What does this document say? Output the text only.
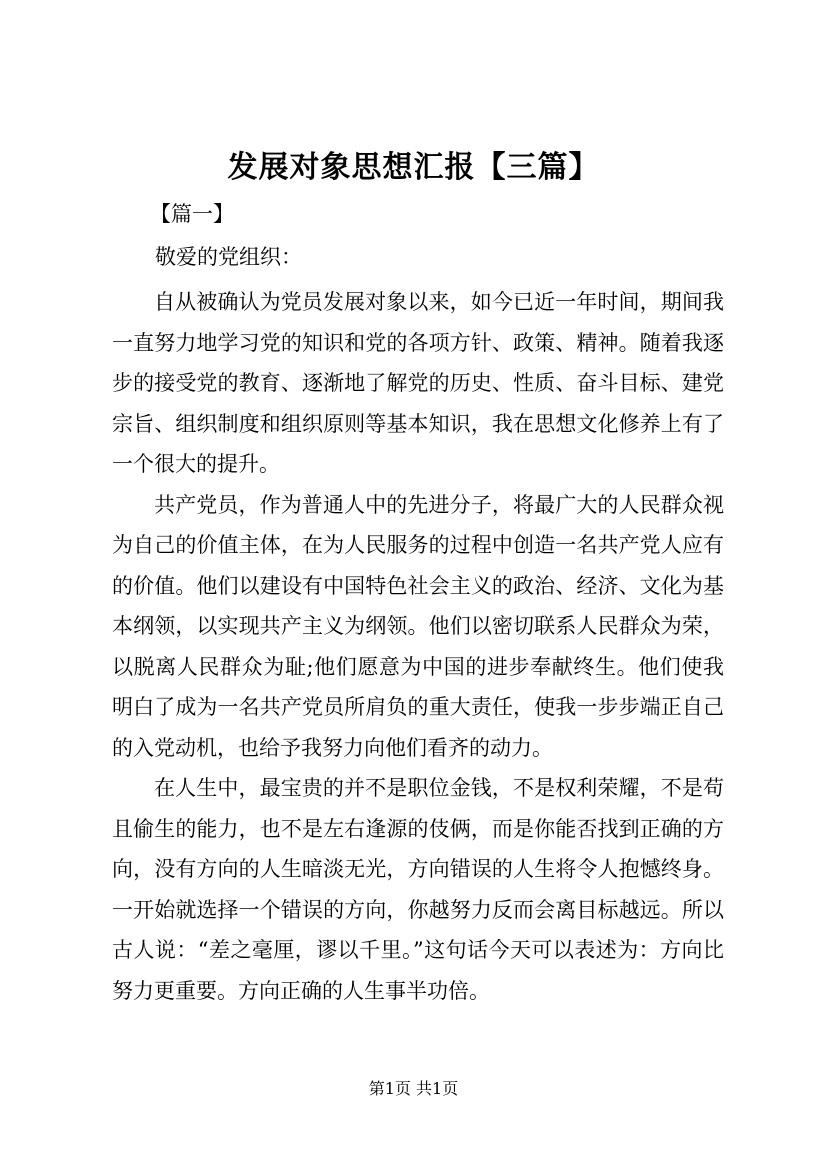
发展对象思想汇报【三篇】
【篇一】
敬爱的党组织：

自从被确认为党员发展对象以来，如今已近一年时间，期间我一直努力地学习党的知识和党的各项方针、政策、精神。随着我逐步的接受党的教育、逐渐地了解党的历史、性质、奋斗目标、建党宗旨、组织制度和组织原则等基本知识，我在思想文化修养上有了一个很大的提升。

共产党员，作为普通人中的先进分子，将最广大的人民群众视为自己的价值主体，在为人民服务的过程中创造一名共产党人应有的价值。他们以建设有中国特色社会主义的政治、经济、文化为基本纲领，以实现共产主义为纲领。他们以密切联系人民群众为荣，以脱离人民群众为耻;他们愿意为中国的进步奉献终生。他们使我明白了成为一名共产党员所肩负的重大责任，使我一步步端正自己的入党动机，也给予我努力向他们看齐的动力。

在人生中，最宝贵的并不是职位金钱，不是权利荣耀，不是苟且偷生的能力，也不是左右逢源的伎俩，而是你能否找到正确的方向，没有方向的人生暗淡无光，方向错误的人生将令人抱憾终身。一开始就选择一个错误的方向，你越努力反而会离目标越远。所以古人说：“差之毫厘，谬以千里。”这句话今天可以表述为：方向比努力更重要。方向正确的人生事半功倍。

第1页 共1页
